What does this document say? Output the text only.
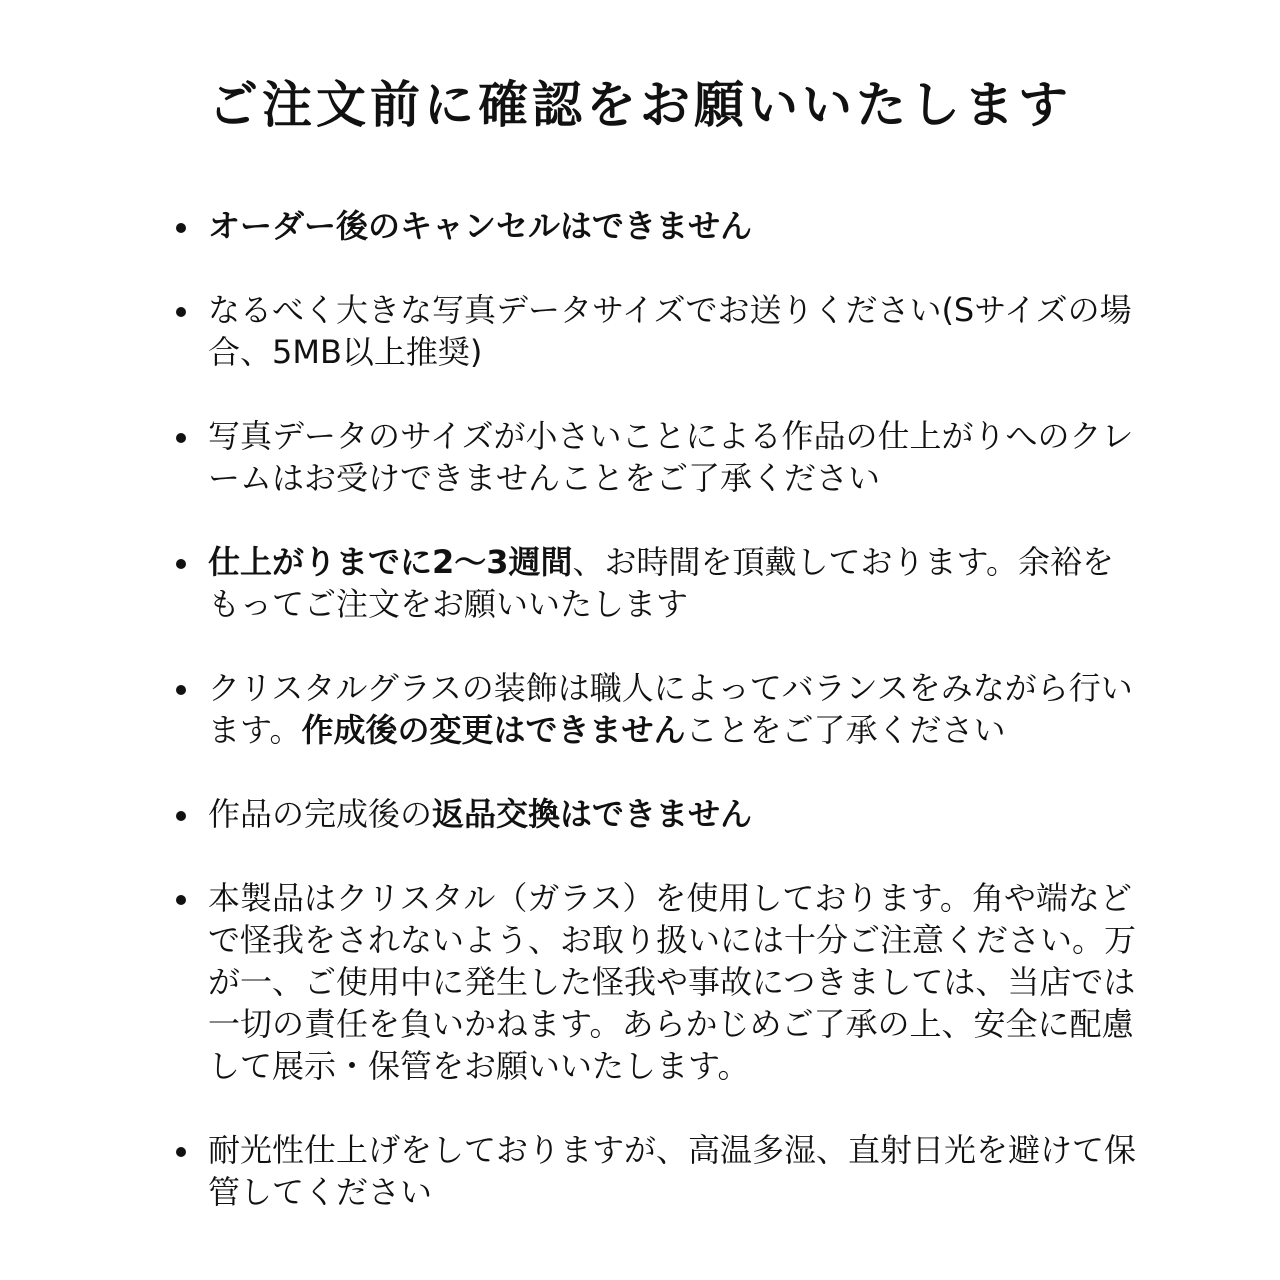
ご注文前に確認をお願いいたします
オーダー後のキャンセルはできません
なるべく大きな写真データサイズでお送りください(Sサイズの場合、5MB以上推奨)
写真データのサイズが小さいことによる作品の仕上がりへのクレームはお受けできませんことをご了承ください
仕上がりまでに2〜3週間、お時間を頂戴しております。余裕をもってご注文をお願いいたします
クリスタルグラスの装飾は職人によってバランスをみながら行います。作成後の変更はできませんことをご了承ください
作品の完成後の返品交換はできません
本製品はクリスタル（ガラス）を使用しております。角や端などで怪我をされないよう、お取り扱いには十分ご注意ください。万が一、ご使用中に発生した怪我や事故につきましては、当店では一切の責任を負いかねます。あらかじめご了承の上、安全に配慮して展示・保管をお願いいたします。
耐光性仕上げをしておりますが、高温多湿、直射日光を避けて保管してください
